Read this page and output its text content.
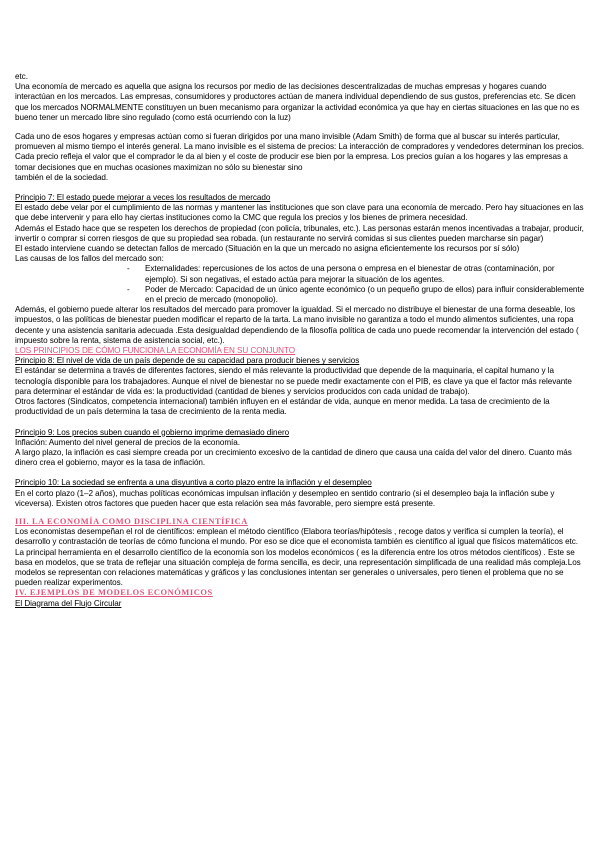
etc.

Una economía de mercado es aquella que asigna los recursos por medio de las decisiones descentralizadas de muchas empresas y hogares cuando interactúan en los mercados. Las empresas, consumidores y productores actúan de manera individual dependiendo de sus gustos, preferencias etc. Se dicen que los mercados NORMALMENTE constituyen un buen mecanismo para organizar la actividad económica ya que hay en ciertas situaciones en las que no es bueno tener un mercado libre sino regulado (como está ocurriendo con la luz)

Cada uno de esos hogares y empresas actúan como si fueran dirigidos por una mano invisible (Adam Smith) de forma que al buscar su interés particular, promueven al mismo tiempo el interés general. La mano invisible es el sistema de precios: La interacción de compradores y vendedores determinan los precios. Cada precio refleja el valor que el comprador le da al bien y el coste de producir ese bien por la empresa. Los precios guían a los hogares y las empresas a tomar decisiones que en muchas ocasiones maximizan no sólo su bienestar sino

también el de la sociedad.

Principio 7: El estado puede mejorar a veces los resultados de mercado

El estado debe velar por el cumplimiento de las normas y mantener las instituciones que son clave para una economía de mercado. Pero hay situaciones en las que debe intervenir y para ello hay ciertas instituciones como la CMC que regula los precios y los bienes de primera necesidad.

Además el Estado hace que se respeten los derechos de propiedad (con policía, tribunales, etc.). Las personas estarán menos incentivadas a trabajar, producir, invertir o comprar si corren riesgos de que su propiedad sea robada. (un restaurante no servirá comidas si sus clientes pueden marcharse sin pagar)

El estado interviene cuando se detectan fallos de mercado (Situación en la que un mercado no asigna eficientemente los recursos por sí sólo)

Las causas de los fallos del mercado son:

- Externalidades: repercusiones de los actos de una persona o empresa en el bienestar de otras (contaminación, por ejemplo). Si son negativas, el estado actúa para mejorar la situación de los agentes.
- Poder de Mercado: Capacidad de un único agente económico (o un pequeño grupo de ellos) para influir considerablemente en el precio de mercado (monopolio).

Además, el gobierno puede alterar los resultados del mercado para promover la igualdad. Si el mercado no distribuye el bienestar de una forma deseable, los impuestos, o las políticas de bienestar pueden modificar el reparto de la tarta. La mano invisible no garantiza a todo el mundo alimentos suficientes, una ropa decente y una asistencia sanitaria adecuada .Esta desigualdad dependiendo de la filosofía política de cada uno puede recomendar la intervención del estado ( impuesto sobre la renta, sistema de asistencia social, etc.).

LOS PRINCIPIOS DE CÓMO FUNCIONA LA ECONOMÍA EN SU CONJUNTO

Principio 8: El nivel de vida de un país depende de su capacidad para producir bienes y servicios

El estándar se determina a través de diferentes factores, siendo el más relevante la productividad que depende de la maquinaria, el capital humano y la tecnología disponible para los trabajadores. Aunque el nivel de bienestar no se puede medir exactamente con el PIB, es clave ya que el factor más relevante para determinar el estándar de vida es: la productividad (cantidad de bienes y servicios producidos con cada unidad de trabajo).

Otros factores (Sindicatos, competencia internacional) también influyen en el estándar de vida, aunque en menor medida. La tasa de crecimiento de la productividad de un país determina la tasa de crecimiento de la renta media.

Principio 9: Los precios suben cuando el gobierno imprime demasiado dinero

Inflación: Aumento del nivel general de precios de la economía.

A largo plazo, la inflación es casi siempre creada por un crecimiento excesivo de la cantidad de dinero que causa una caída del valor del dinero. Cuanto más dinero crea el gobierno, mayor es la tasa de inflación.

Principio 10: La sociedad se enfrenta a una disyuntiva a corto plazo entre la inflación y el desempleo

En el corto plazo (1–2 años), muchas políticas económicas impulsan inflación y desempleo en sentido contrario (si el desempleo baja la inflación sube y viceversa). Existen otros factores que pueden hacer que esta relación sea más favorable, pero siempre está presente.

III. LA ECONOMÍA COMO DISCIPLINA CIENTÍFICA

Los economistas desempeñan el rol de científicos: emplean el método científico (Elabora teorías/hipótesis , recoge datos y verifica si cumplen la teoría), el desarrollo y contrastación de teorías de cómo funciona el mundo. Por eso se dice que el economista también es científico al igual que físicos matemáticos etc.

La principal herramienta en el desarrollo científico de la economía son los modelos económicos ( es la diferencia entre los otros métodos científicos) . Este se basa en modelos, que se trata de reflejar una situación compleja de forma sencilla, es decir, una representación simplificada de una realidad más compleja.Los modelos se representan con relaciones matemáticas y gráficos y las conclusiones intentan ser generales o universales, pero tienen el problema que no se pueden realizar experimentos.

IV. EJEMPLOS DE MODELOS ECONÓMICOS

El Diagrama del Flujo Circular
